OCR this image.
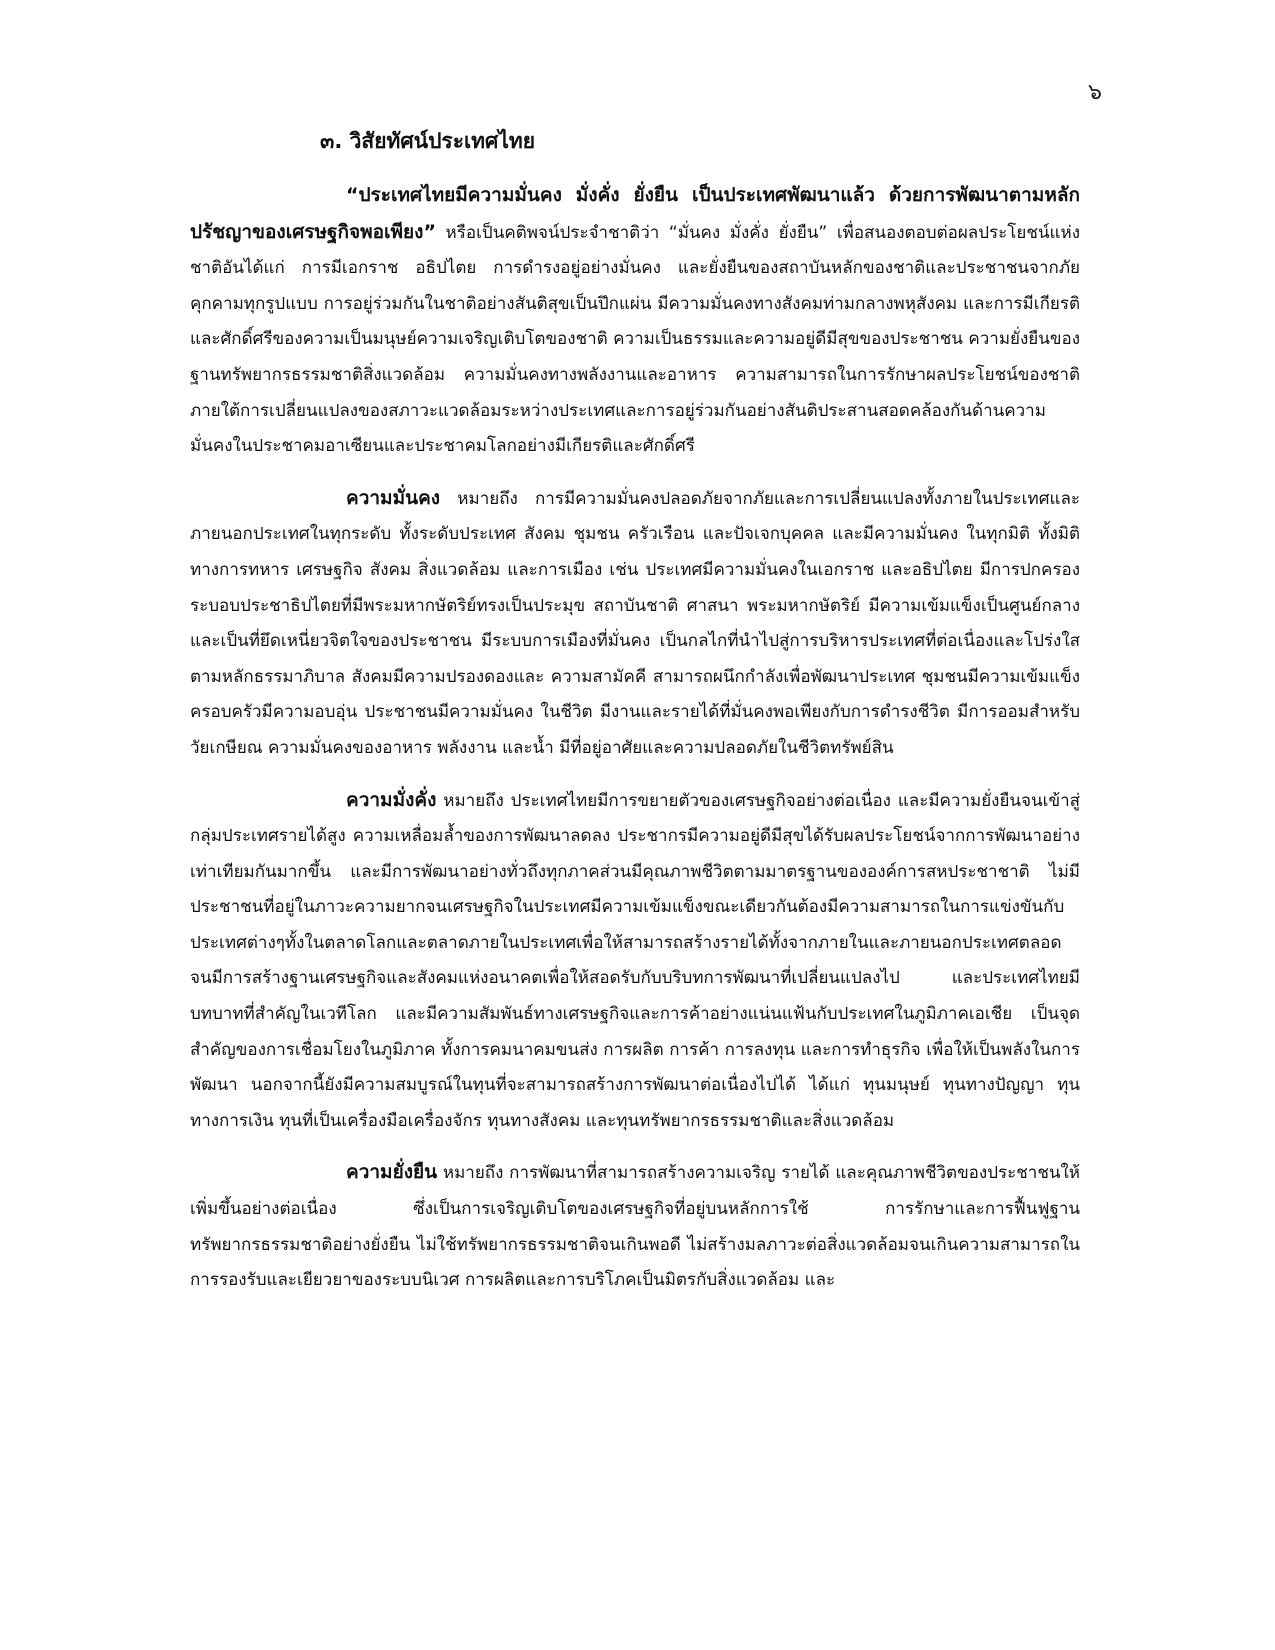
๖
๓. วิสัยทัศน์ประเทศไทย

“ประเทศไทยมีความมั่นคง มั่งคั่ง ยั่งยืน เป็นประเทศพัฒนาแล้ว ด้วยการพัฒนาตามหลักปรัชญาของเศรษฐกิจพอเพียง” หรือเป็นคติพจน์ประจำชาติว่า “มั่นคง มั่งคั่ง ยั่งยืน” เพื่อสนองตอบต่อผลประโยชน์แห่งชาติอันได้แก่ การมีเอกราช อธิปไตย การดำรงอยู่อย่างมั่นคง และยั่งยืนของสถาบันหลักของชาติและประชาชนจากภัยคุกคามทุกรูปแบบ การอยู่ร่วมกันในชาติอย่างสันติสุขเป็นปึกแผ่น มีความมั่นคงทางสังคมท่ามกลางพหุสังคม และการมีเกียรติและศักดิ์ศรีของความเป็นมนุษย์ความเจริญเติบโตของชาติ ความเป็นธรรมและความอยู่ดีมีสุขของประชาชน ความยั่งยืนของฐานทรัพยากรธรรมชาติสิ่งแวดล้อม ความมั่นคงทางพลังงานและอาหาร ความสามารถในการรักษาผลประโยชน์ของชาติภายใต้การเปลี่ยนแปลงของสภาวะแวดล้อมระหว่างประเทศและการอยู่ร่วมกันอย่างสันติประสานสอดคล้องกันด้านความมั่นคงในประชาคมอาเซียนและประชาคมโลกอย่างมีเกียรติและศักดิ์ศรี

ความมั่นคง หมายถึง การมีความมั่นคงปลอดภัยจากภัยและการเปลี่ยนแปลงทั้งภายในประเทศและภายนอกประเทศในทุกระดับ ทั้งระดับประเทศ สังคม ชุมชน ครัวเรือน และปัจเจกบุคคล และมีความมั่นคง ในทุกมิติ ทั้งมิติทางการทหาร เศรษฐกิจ สังคม สิ่งแวดล้อม และการเมือง เช่น ประเทศมีความมั่นคงในเอกราช และอธิปไตย มีการปกครองระบอบประชาธิปไตยที่มีพระมหากษัตริย์ทรงเป็นประมุข สถาบันชาติ ศาสนา พระมหากษัตริย์ มีความเข้มแข็งเป็นศูนย์กลางและเป็นที่ยึดเหนี่ยวจิตใจของประชาชน มีระบบการเมืองที่มั่นคง เป็นกลไกที่นำไปสู่การบริหารประเทศที่ต่อเนื่องและโปร่งใสตามหลักธรรมาภิบาล สังคมมีความปรองดองและ ความสามัคคี สามารถผนึกกำลังเพื่อพัฒนาประเทศ ชุมชนมีความเข้มแข็ง ครอบครัวมีความอบอุ่น ประชาชนมีความมั่นคง ในชีวิต มีงานและรายได้ที่มั่นคงพอเพียงกับการดำรงชีวิต มีการออมสำหรับวัยเกษียณ ความมั่นคงของอาหาร พลังงาน และน้ำ มีที่อยู่อาศัยและความปลอดภัยในชีวิตทรัพย์สิน

ความมั่งคั่ง หมายถึง ประเทศไทยมีการขยายตัวของเศรษฐกิจอย่างต่อเนื่อง และมีความยั่งยืนจนเข้าสู่กลุ่มประเทศรายได้สูง ความเหลื่อมล้ำของการพัฒนาลดลง ประชากรมีความอยู่ดีมีสุขได้รับผลประโยชน์จากการพัฒนาอย่างเท่าเทียมกันมากขึ้น และมีการพัฒนาอย่างทั่วถึงทุกภาคส่วนมีคุณภาพชีวิตตามมาตรฐานขององค์การสหประชาชาติ ไม่มีประชาชนที่อยู่ในภาวะความยากจนเศรษฐกิจในประเทศมีความเข้มแข็งขณะเดียวกันต้องมีความสามารถในการแข่งขันกับประเทศต่างๆทั้งในตลาดโลกและตลาดภายในประเทศเพื่อให้สามารถสร้างรายได้ทั้งจากภายในและภายนอกประเทศตลอดจนมีการสร้างฐานเศรษฐกิจและสังคมแห่งอนาคตเพื่อให้สอดรับกับบริบทการพัฒนาที่เปลี่ยนแปลงไป และประเทศไทยมีบทบาทที่สำคัญในเวทีโลก และมีความสัมพันธ์ทางเศรษฐกิจและการค้าอย่างแน่นแฟ้นกับประเทศในภูมิภาคเอเชีย เป็นจุดสำคัญของการเชื่อมโยงในภูมิภาค ทั้งการคมนาคมขนส่ง การผลิต การค้า การลงทุน และการทำธุรกิจ เพื่อให้เป็นพลังในการพัฒนา นอกจากนี้ยังมีความสมบูรณ์ในทุนที่จะสามารถสร้างการพัฒนาต่อเนื่องไปได้ ได้แก่ ทุนมนุษย์ ทุนทางปัญญา ทุนทางการเงิน ทุนที่เป็นเครื่องมือเครื่องจักร ทุนทางสังคม และทุนทรัพยากรธรรมชาติและสิ่งแวดล้อม

ความยั่งยืน หมายถึง การพัฒนาที่สามารถสร้างความเจริญ รายได้ และคุณภาพชีวิตของประชาชนให้เพิ่มขึ้นอย่างต่อเนื่อง ซึ่งเป็นการเจริญเติบโตของเศรษฐกิจที่อยู่บนหลักการใช้ การรักษาและการฟื้นฟูฐานทรัพยากรธรรมชาติอย่างยั่งยืน ไม่ใช้ทรัพยากรธรรมชาติจนเกินพอดี ไม่สร้างมลภาวะต่อสิ่งแวดล้อมจนเกินความสามารถในการรองรับและเยียวยาของระบบนิเวศ การผลิตและการบริโภคเป็นมิตรกับสิ่งแวดล้อม และ
